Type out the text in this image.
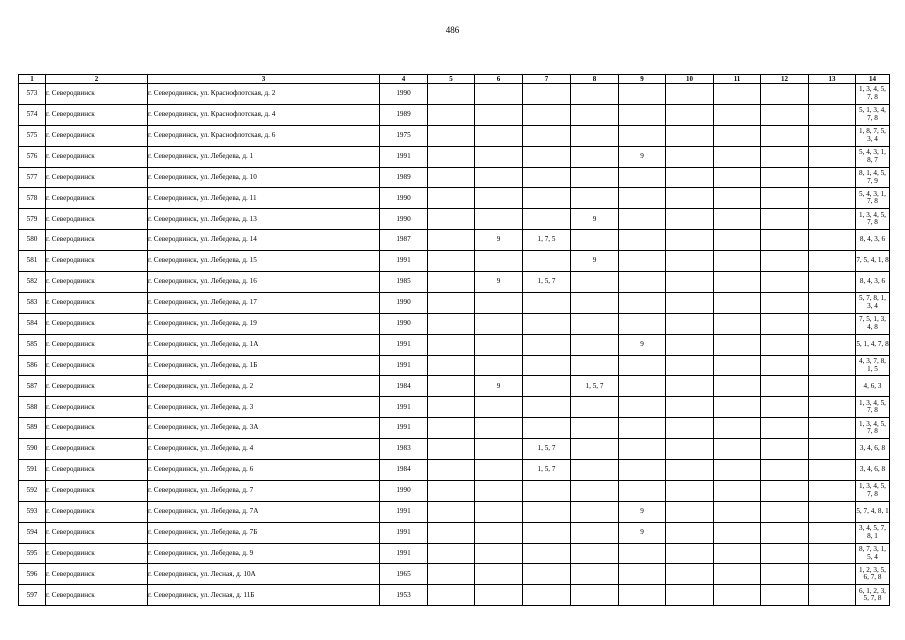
486
1	2	3	4	5	6	7	8	9	10	11	12	13	14
573	г. Северодвинск	г. Северодвинск, ул. Краснофлотская, д. 2	1990										1, 3, 4, 5, 7, 8
574	г. Северодвинск	г. Северодвинск, ул. Краснофлотская, д. 4	1989										5, 1, 3, 4, 7, 8
575	г. Северодвинск	г. Северодвинск, ул. Краснофлотская, д. 6	1975										1, 8, 7, 5, 3, 4
576	г. Северодвинск	г. Северодвинск, ул. Лебедева, д. 1	1991					9					5, 4, 3, 1, 8, 7
577	г. Северодвинск	г. Северодвинск, ул. Лебедева, д. 10	1989										8, 1, 4, 5, 7, 9
578	г. Северодвинск	г. Северодвинск, ул. Лебедева, д. 11	1990										5, 4, 3, 1, 7, 8
579	г. Северодвинск	г. Северодвинск, ул. Лебедева, д. 13	1990				9						1, 3, 4, 5, 7, 8
580	г. Северодвинск	г. Северодвинск, ул. Лебедева, д. 14	1987		9	1, 7, 5							8, 4, 3, 6
581	г. Северодвинск	г. Северодвинск, ул. Лебедева, д. 15	1991				9						7, 5, 4, 1, 8
582	г. Северодвинск	г. Северодвинск, ул. Лебедева, д. 16	1985		9	1, 5, 7							8, 4, 3, 6
583	г. Северодвинск	г. Северодвинск, ул. Лебедева, д. 17	1990										5, 7, 8, 1, 3, 4
584	г. Северодвинск	г. Северодвинск, ул. Лебедева, д. 19	1990										7, 5, 1, 3, 4, 8
585	г. Северодвинск	г. Северодвинск, ул. Лебедева, д. 1А	1991					9					5, 1, 4, 7, 8
586	г. Северодвинск	г. Северодвинск, ул. Лебедева, д. 1Б	1991										4, 3, 7, 8, 1, 5
587	г. Северодвинск	г. Северодвинск, ул. Лебедева, д. 2	1984		9		1, 5, 7						4, 6, 3
588	г. Северодвинск	г. Северодвинск, ул. Лебедева, д. 3	1991										1, 3, 4, 5, 7, 8
589	г. Северодвинск	г. Северодвинск, ул. Лебедева, д. 3А	1991										1, 3, 4, 5, 7, 8
590	г. Северодвинск	г. Северодвинск, ул. Лебедева, д. 4	1983			1, 5, 7							3, 4, 6, 8
591	г. Северодвинск	г. Северодвинск, ул. Лебедева, д. 6	1984			1, 5, 7							3, 4, 6, 8
592	г. Северодвинск	г. Северодвинск, ул. Лебедева, д. 7	1990										1, 3, 4, 5, 7, 8
593	г. Северодвинск	г. Северодвинск, ул. Лебедева, д. 7А	1991					9					5, 7, 4, 8, 1
594	г. Северодвинск	г. Северодвинск, ул. Лебедева, д. 7Б	1991					9					3, 4, 5, 7, 8, 1
595	г. Северодвинск	г. Северодвинск, ул. Лебедева, д. 9	1991										8, 7, 3, 1, 5, 4
596	г. Северодвинск	г. Северодвинск, ул. Лесная, д. 10А	1965										1, 2, 3, 5, 6, 7, 8
597	г. Северодвинск	г. Северодвинск, ул. Лесная, д. 11Б	1953										6, 1, 2, 3, 5, 7, 8
